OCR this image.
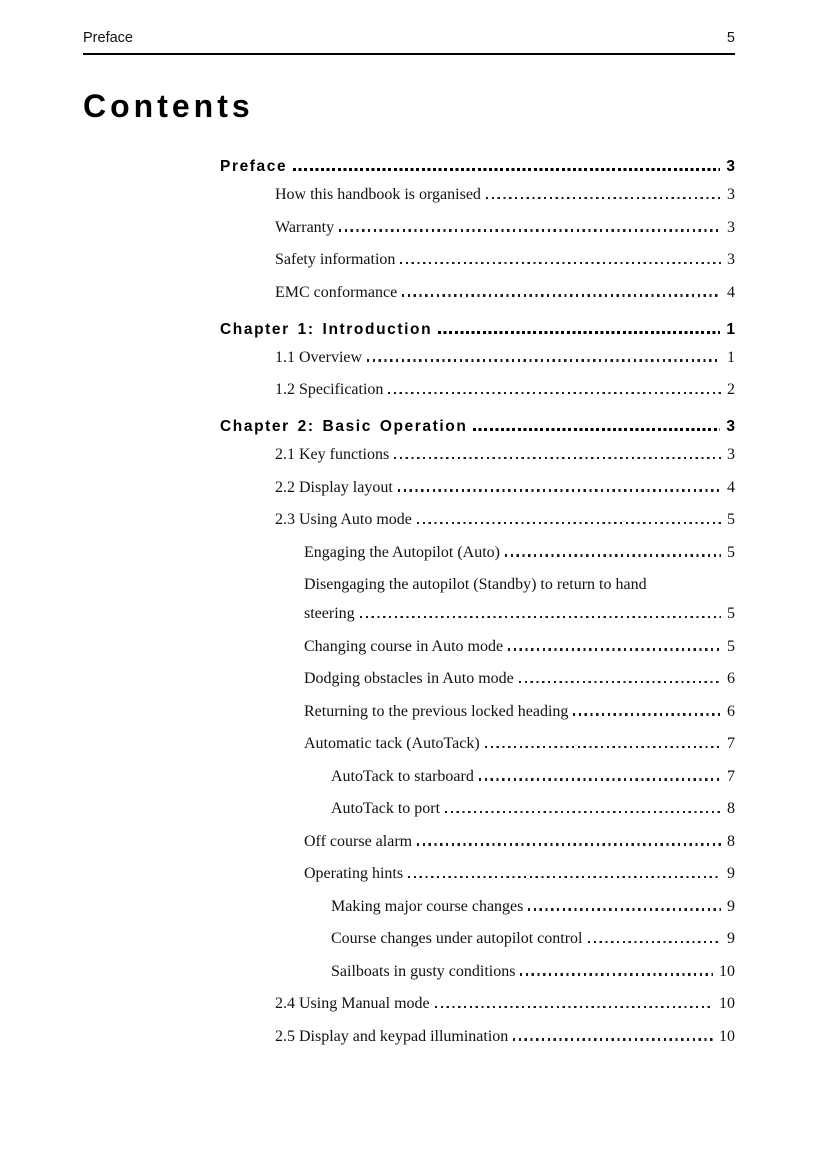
Preface	5
Contents
Preface	3
How this handbook is organised	3
Warranty	3
Safety information	3
EMC conformance	4
Chapter 1: Introduction	1
1.1 Overview	1
1.2 Specification	2
Chapter 2: Basic Operation	3
2.1 Key functions	3
2.2 Display layout	4
2.3 Using Auto mode	5
Engaging the Autopilot (Auto)	5
Disengaging the autopilot (Standby) to return to hand
steering	5
Changing course in Auto mode	5
Dodging obstacles in Auto mode	6
Returning to the previous locked heading	6
Automatic tack (AutoTack)	7
AutoTack to starboard	7
AutoTack to port	8
Off course alarm	8
Operating hints	9
Making major course changes	9
Course changes under autopilot control	9
Sailboats in gusty conditions	10
2.4 Using Manual mode	10
2.5 Display and keypad illumination	10
